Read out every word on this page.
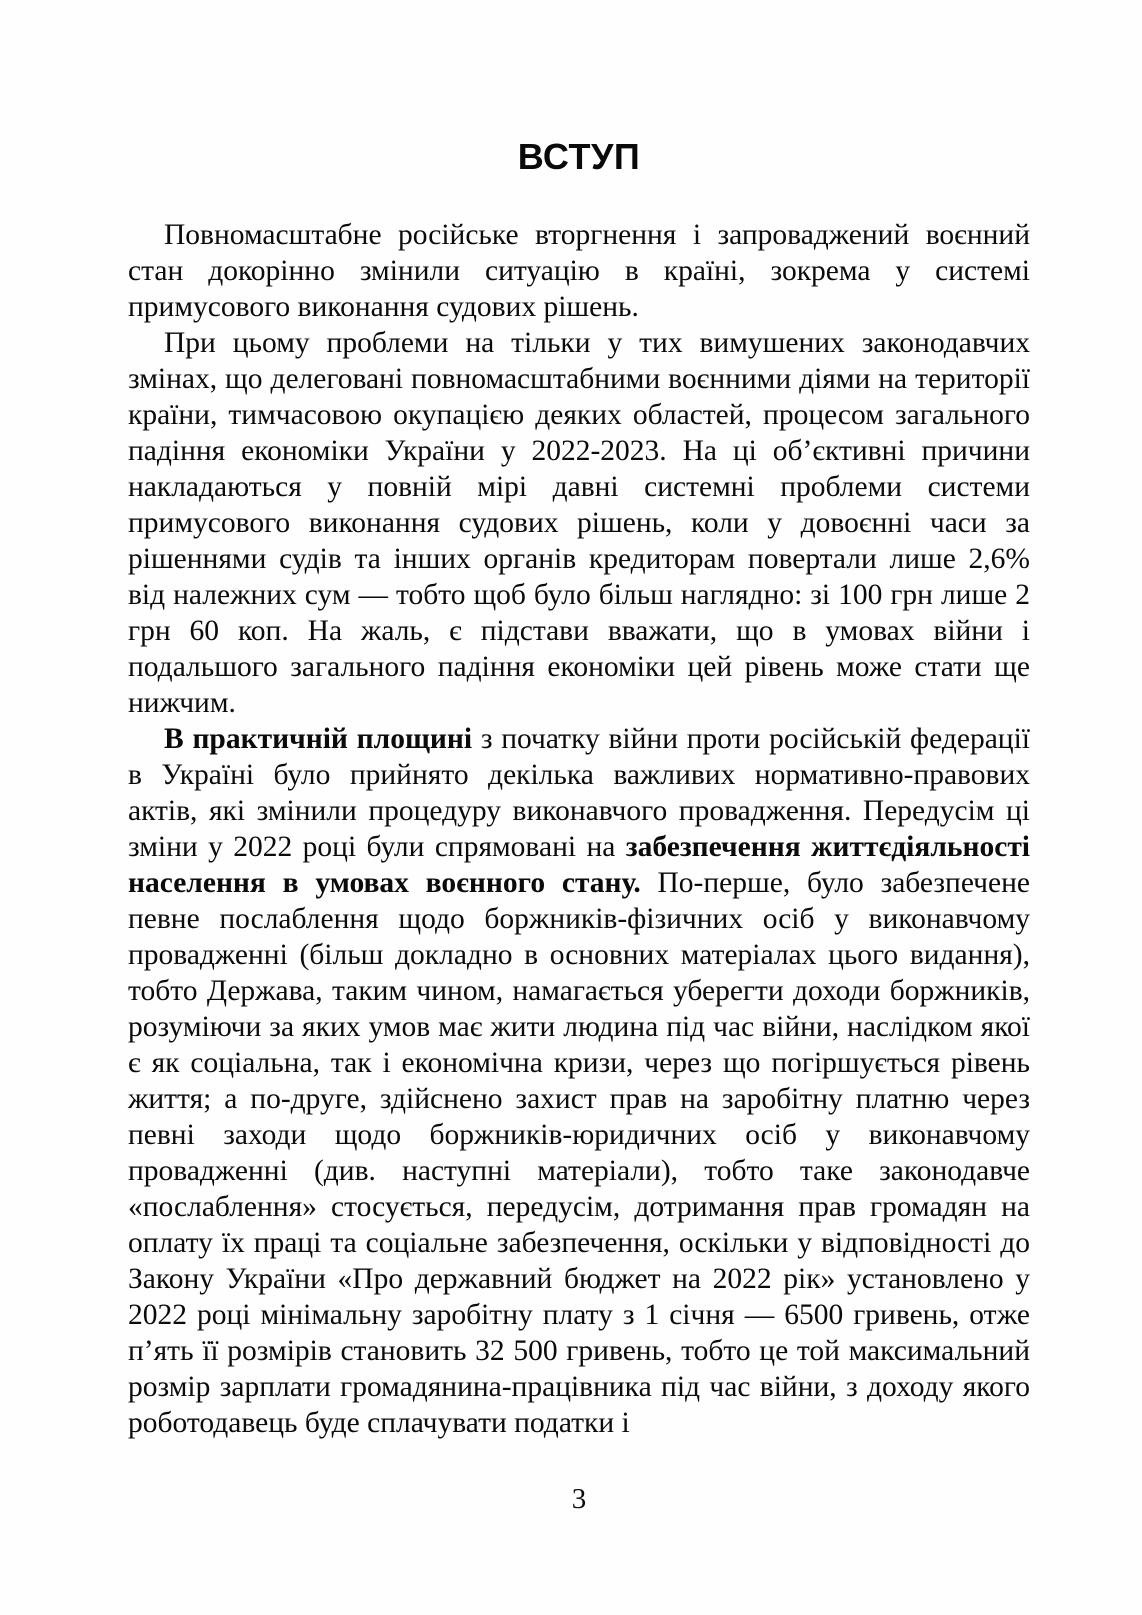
ВСТУП

Повномасштабне російське вторгнення і запроваджений воєнний стан докорінно змінили ситуацію в країні, зокрема у системі примусового виконання судових рішень.

При цьому проблеми на тільки у тих вимушених законодавчих змінах, що делеговані повномасштабними воєнними діями на території країни, тимчасовою окупацією деяких областей, процесом загального падіння економіки України у 2022-2023. На ці об’єктивні причини накладаються у повній мірі давні системні проблеми системи примусового виконання судових рішень, коли у довоєнні часи за рішеннями судів та інших органів кредиторам повертали лише 2,6% від належних сум — тобто щоб було більш наглядно: зі 100 грн лише 2 грн 60 коп. На жаль, є підстави вважати, що в умовах війни і подальшого загального падіння економіки цей рівень може стати ще нижчим.

В практичній площині з початку війни проти російській федерації в Україні було прийнято декілька важливих нормативно-правових актів, які змінили процедуру виконавчого провадження. Передусім ці зміни у 2022 році були спрямовані на забезпечення життєдіяльності населення в умовах воєнного стану. По-перше, було забезпечене певне послаблення щодо боржників-фізичних осіб у виконавчому провадженні (більш докладно в основних матеріалах цього видання), тобто Держава, таким чином, намагається уберегти доходи боржників, розуміючи за яких умов має жити людина під час війни, наслідком якої є як соціальна, так і економічна кризи, через що погіршується рівень життя; а по-друге, здійснено захист прав на заробітну платню через певні заходи щодо боржників-юридичних осіб у виконавчому провадженні (див. наступні матеріали), тобто таке законодавче «послаблення» стосується, передусім, дотримання прав громадян на оплату їх праці та соціальне забезпечення, оскільки у відповідності до Закону України «Про державний бюджет на 2022 рік» установлено у 2022 році мінімальну заробітну плату з 1 січня — 6500 гривень, отже п’ять її розмірів становить 32 500 гривень, тобто це той максимальний розмір зарплати громадянина-працівника під час війни, з доходу якого роботодавець буде сплачувати податки і

3
